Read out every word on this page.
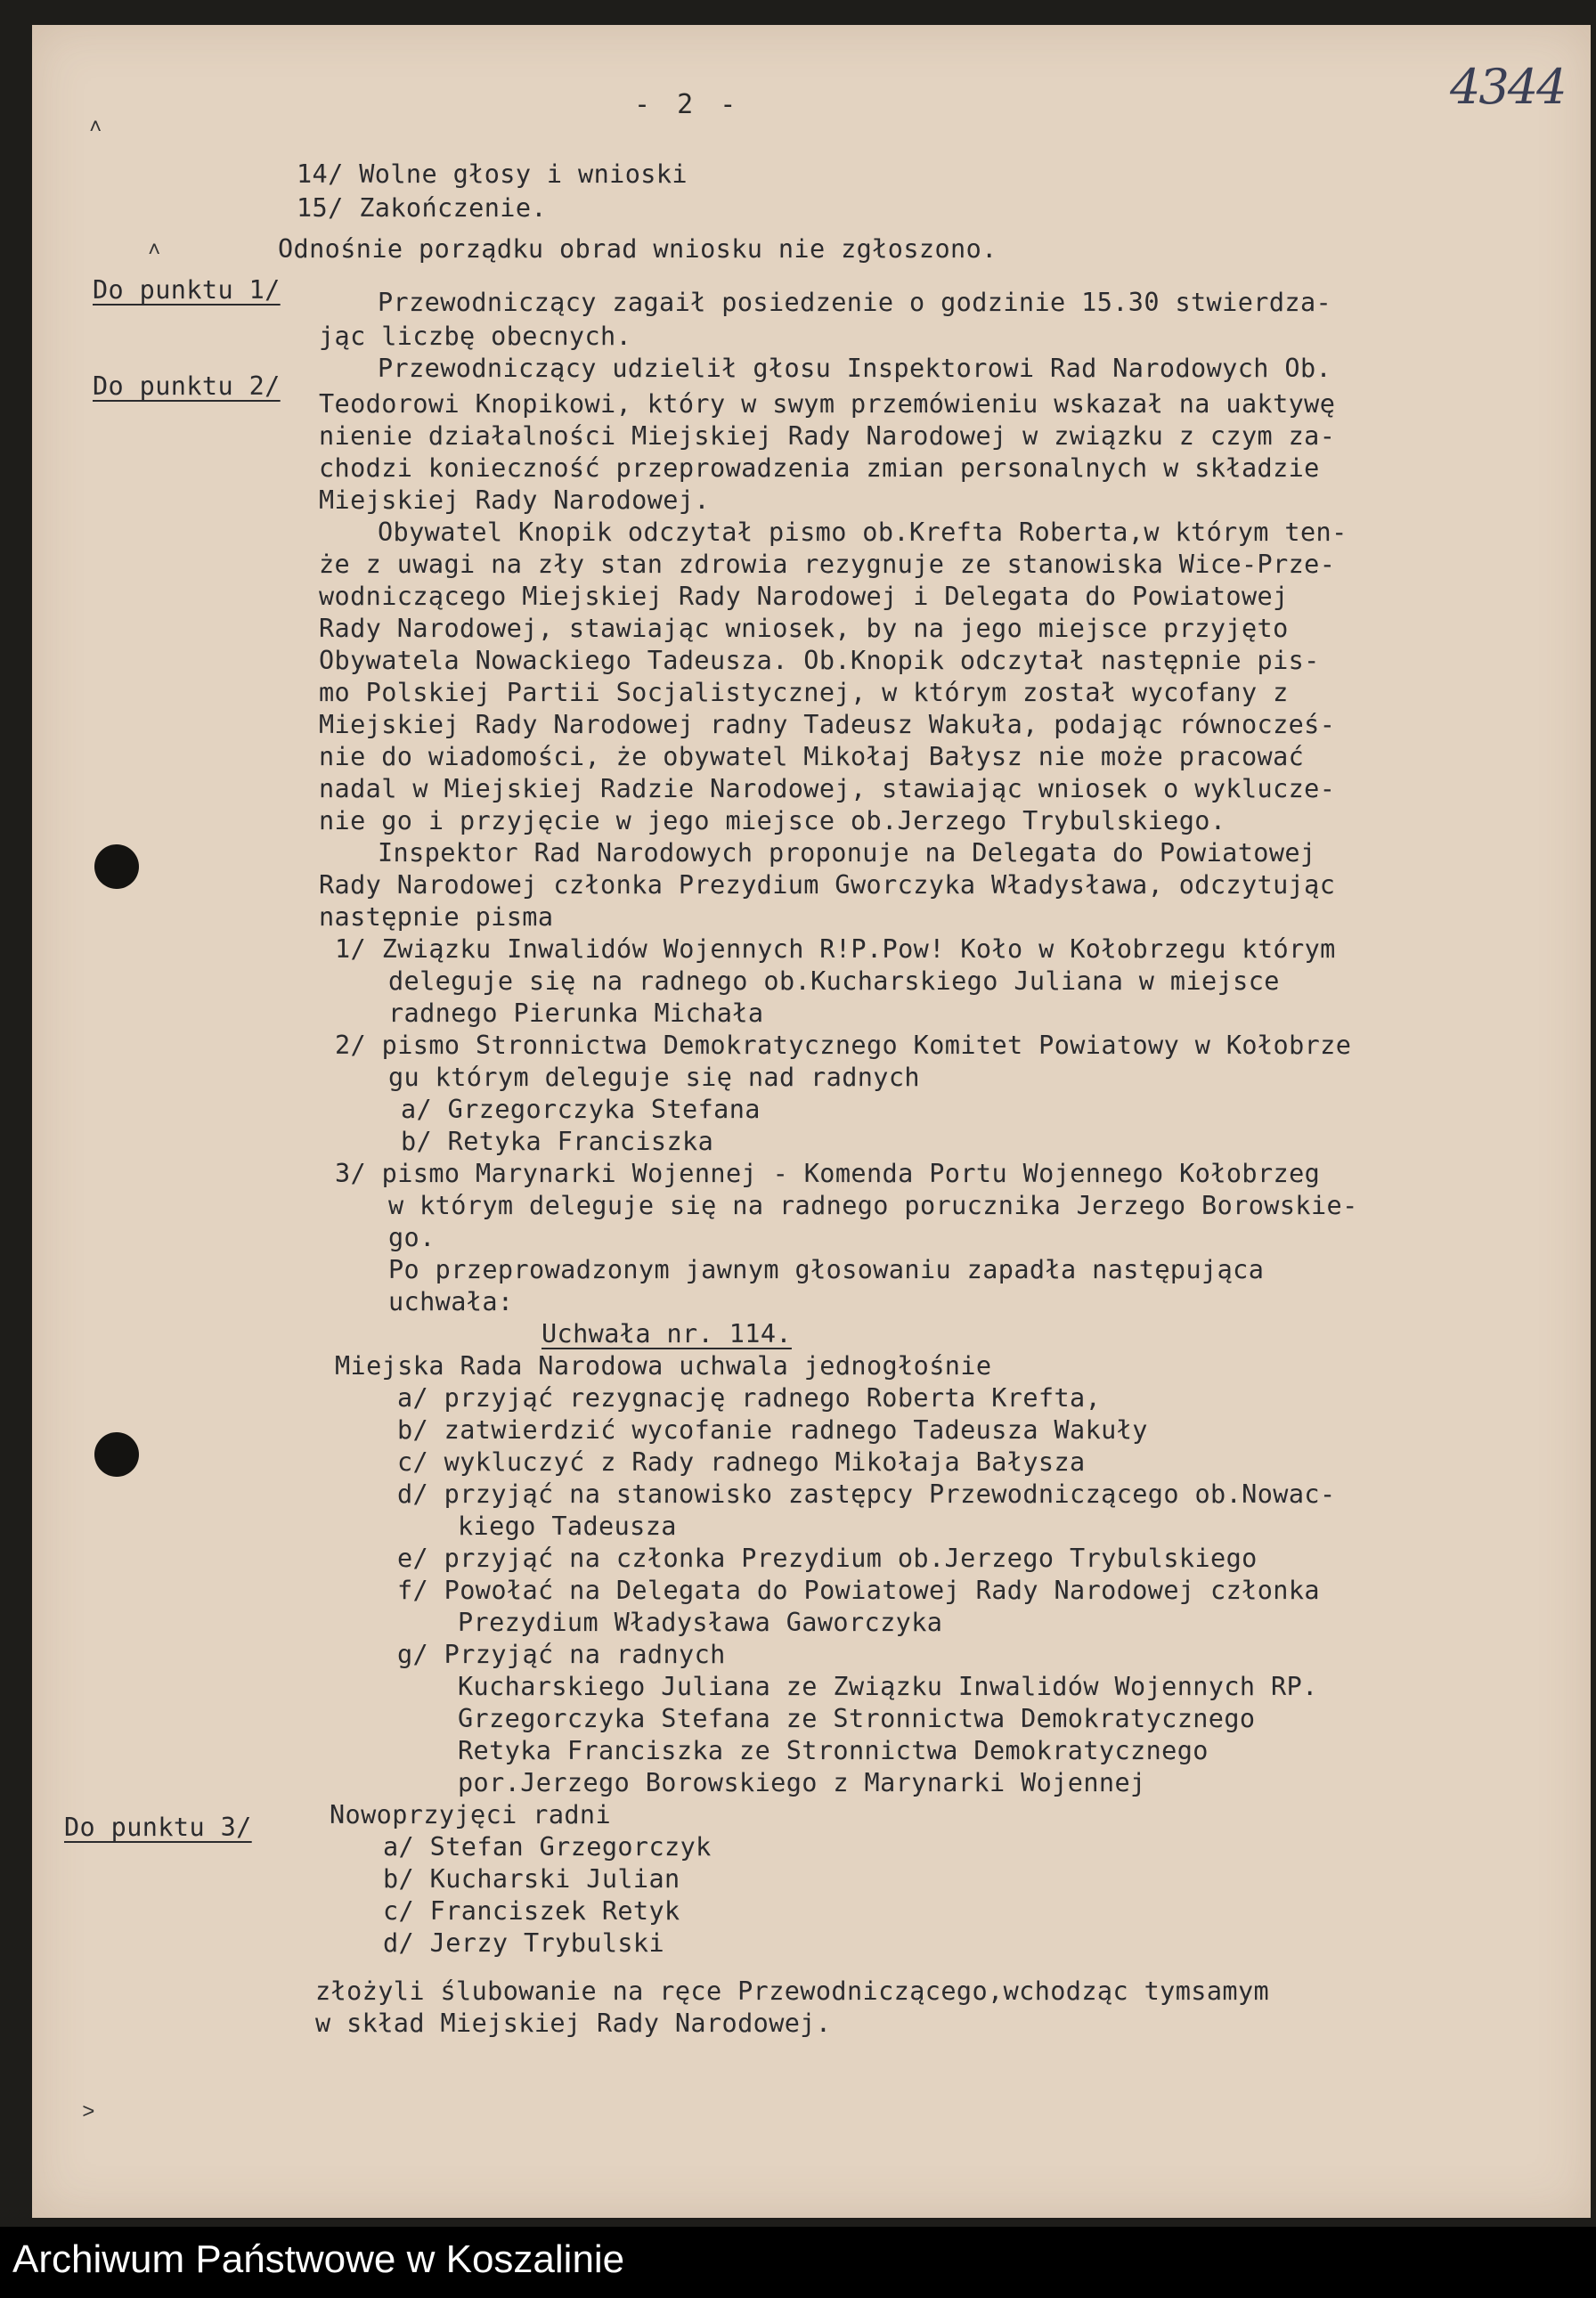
˄
˄
˃
- 2 -	4344
14/ Wolne głosy i wnioski
15/ Zakończenie.
Odnośnie porządku obrad wniosku nie zgłoszono.
Do punktu 1/	Przewodniczący zagaił posiedzenie o godzinie 15.30 stwierdza-
jąc liczbę obecnych.
Do punktu 2/
Przewodniczący udzielił głosu Inspektorowi Rad Narodowych Ob.
Teodorowi Knopikowi, który w swym przemówieniu wskazał na uaktywę
nienie działalności Miejskiej Rady Narodowej w związku z czym za-
chodzi konieczność przeprowadzenia zmian personalnych w składzie
Miejskiej Rady Narodowej.
Obywatel Knopik odczytał pismo ob.Krefta Roberta,w którym ten-
że z uwagi na zły stan zdrowia rezygnuje ze stanowiska Wice-Prze-
wodniczącego Miejskiej Rady Narodowej i Delegata do Powiatowej
Rady Narodowej, stawiając wniosek, by na jego miejsce przyjęto
Obywatela Nowackiego Tadeusza. Ob.Knopik odczytał następnie pis-
mo Polskiej Partii Socjalistycznej, w którym został wycofany z
Miejskiej Rady Narodowej radny Tadeusz Wakuła, podając równocześ-
nie do wiadomości, że obywatel Mikołaj Bałysz nie może pracować
nadal w Miejskiej Radzie Narodowej, stawiając wniosek o wyklucze-
nie go i przyjęcie w jego miejsce ob.Jerzego Trybulskiego.
Inspektor Rad Narodowych proponuje na Delegata do Powiatowej
Rady Narodowej członka Prezydium Gworczyka Władysława, odczytując
następnie pisma
1/ Związku Inwalidów Wojennych R!P.Pow! Koło w Kołobrzegu którym
deleguje się na radnego ob.Kucharskiego Juliana w miejsce
radnego Pierunka Michała
2/ pismo Stronnictwa Demokratycznego Komitet Powiatowy w Kołobrze
gu którym deleguje się nad radnych
a/ Grzegorczyka Stefana
b/ Retyka Franciszka
3/ pismo Marynarki Wojennej - Komenda Portu Wojennego Kołobrzeg
w którym deleguje się na radnego porucznika Jerzego Borowskie-
go.
Po przeprowadzonym jawnym głosowaniu zapadła następująca
uchwała:
Uchwała nr. 114.
Miejska Rada Narodowa uchwala jednogłośnie
a/ przyjąć rezygnację radnego Roberta Krefta,
b/ zatwierdzić wycofanie radnego Tadeusza Wakuły
c/ wykluczyć z Rady radnego Mikołaja Bałysza
d/ przyjąć na stanowisko zastępcy Przewodniczącego ob.Nowac-
kiego Tadeusza
e/ przyjąć na członka Prezydium ob.Jerzego Trybulskiego
f/ Powołać na Delegata do Powiatowej Rady Narodowej członka
Prezydium Władysława Gaworczyka
g/ Przyjąć na radnych
Kucharskiego Juliana ze Związku Inwalidów Wojennych RP.
Grzegorczyka Stefana ze Stronnictwa Demokratycznego
Retyka Franciszka ze Stronnictwa Demokratycznego
por.Jerzego Borowskiego z Marynarki Wojennej
Do punktu 3/	Nowoprzyjęci radni
a/ Stefan Grzegorczyk
b/ Kucharski Julian
c/ Franciszek Retyk
d/ Jerzy Trybulski
złożyli ślubowanie na ręce Przewodniczącego,wchodząc tymsamym
w skład Miejskiej Rady Narodowej.
Archiwum Państwowe w Koszalinie
